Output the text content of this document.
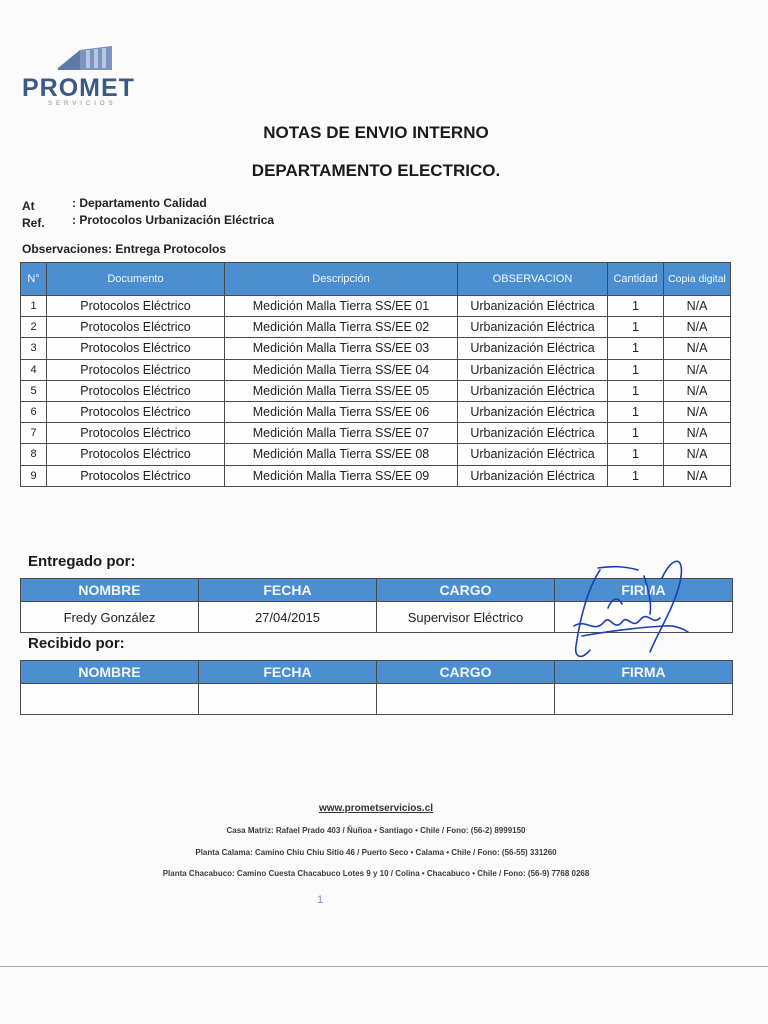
PROMET
SERVICIOS
NOTAS DE ENVIO INTERNO
DEPARTAMENTO ELECTRICO.
At	: Departamento Calidad
Ref. : Protocolos Urbanización Eléctrica
Observaciones: Entrega Protocolos
N°	Documento	Descripción	OBSERVACION	Cantidad	Copia digital
1	Protocolos Eléctrico	Medición Malla Tierra SS/EE 01	Urbanización Eléctrica	1	N/A
2	Protocolos Eléctrico	Medición Malla Tierra SS/EE 02	Urbanización Eléctrica	1	N/A
3	Protocolos Eléctrico	Medición Malla Tierra SS/EE 03	Urbanización Eléctrica	1	N/A
4	Protocolos Eléctrico	Medición Malla Tierra SS/EE 04	Urbanización Eléctrica	1	N/A
5	Protocolos Eléctrico	Medición Malla Tierra SS/EE 05	Urbanización Eléctrica	1	N/A
6	Protocolos Eléctrico	Medición Malla Tierra SS/EE 06	Urbanización Eléctrica	1	N/A
7	Protocolos Eléctrico	Medición Malla Tierra SS/EE 07	Urbanización Eléctrica	1	N/A
8	Protocolos Eléctrico	Medición Malla Tierra SS/EE 08	Urbanización Eléctrica	1	N/A
9	Protocolos Eléctrico	Medición Malla Tierra SS/EE 09	Urbanización Eléctrica	1	N/A
Entregado por:
NOMBRE	FECHA	CARGO	FIRMA
Fredy González	27/04/2015	Supervisor Eléctrico	
Recibido por:
NOMBRE	FECHA	CARGO	FIRMA

www.prometservicios.cl
Casa Matriz: Rafael Prado 403 / Ñuñoa • Santiago • Chile / Fono: (56-2) 8999150
Planta Calama: Camino Chiu Chiu Sitio 46 / Puerto Seco • Calama • Chile / Fono: (56-55) 331260
Planta Chacabuco: Camino Cuesta Chacabuco Lotes 9 y 10 / Colina • Chacabuco • Chile / Fono: (56-9) 7768 0268
1
